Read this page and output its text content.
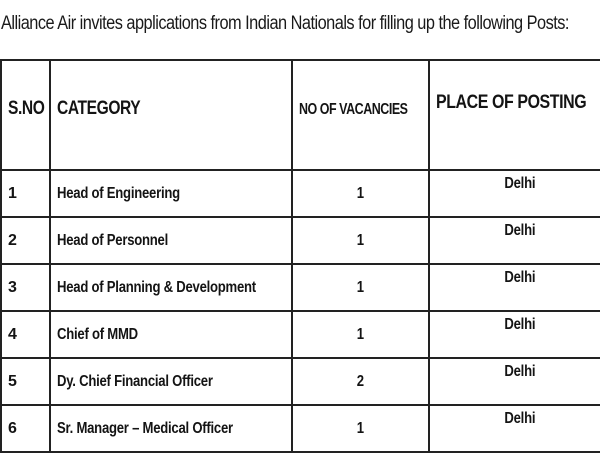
Alliance Air invites applications from Indian Nationals for filling up the following Posts:
S.NO	CATEGORY	NO OF VACANCIES	PLACE OF POSTING
1	Head of Engineering	1	Delhi
2	Head of Personnel	1	Delhi
3	Head of Planning & Development	1	Delhi
4	Chief of MMD	1	Delhi
5	Dy. Chief Financial Officer	2	Delhi
6	Sr. Manager – Medical Officer	1	Delhi
